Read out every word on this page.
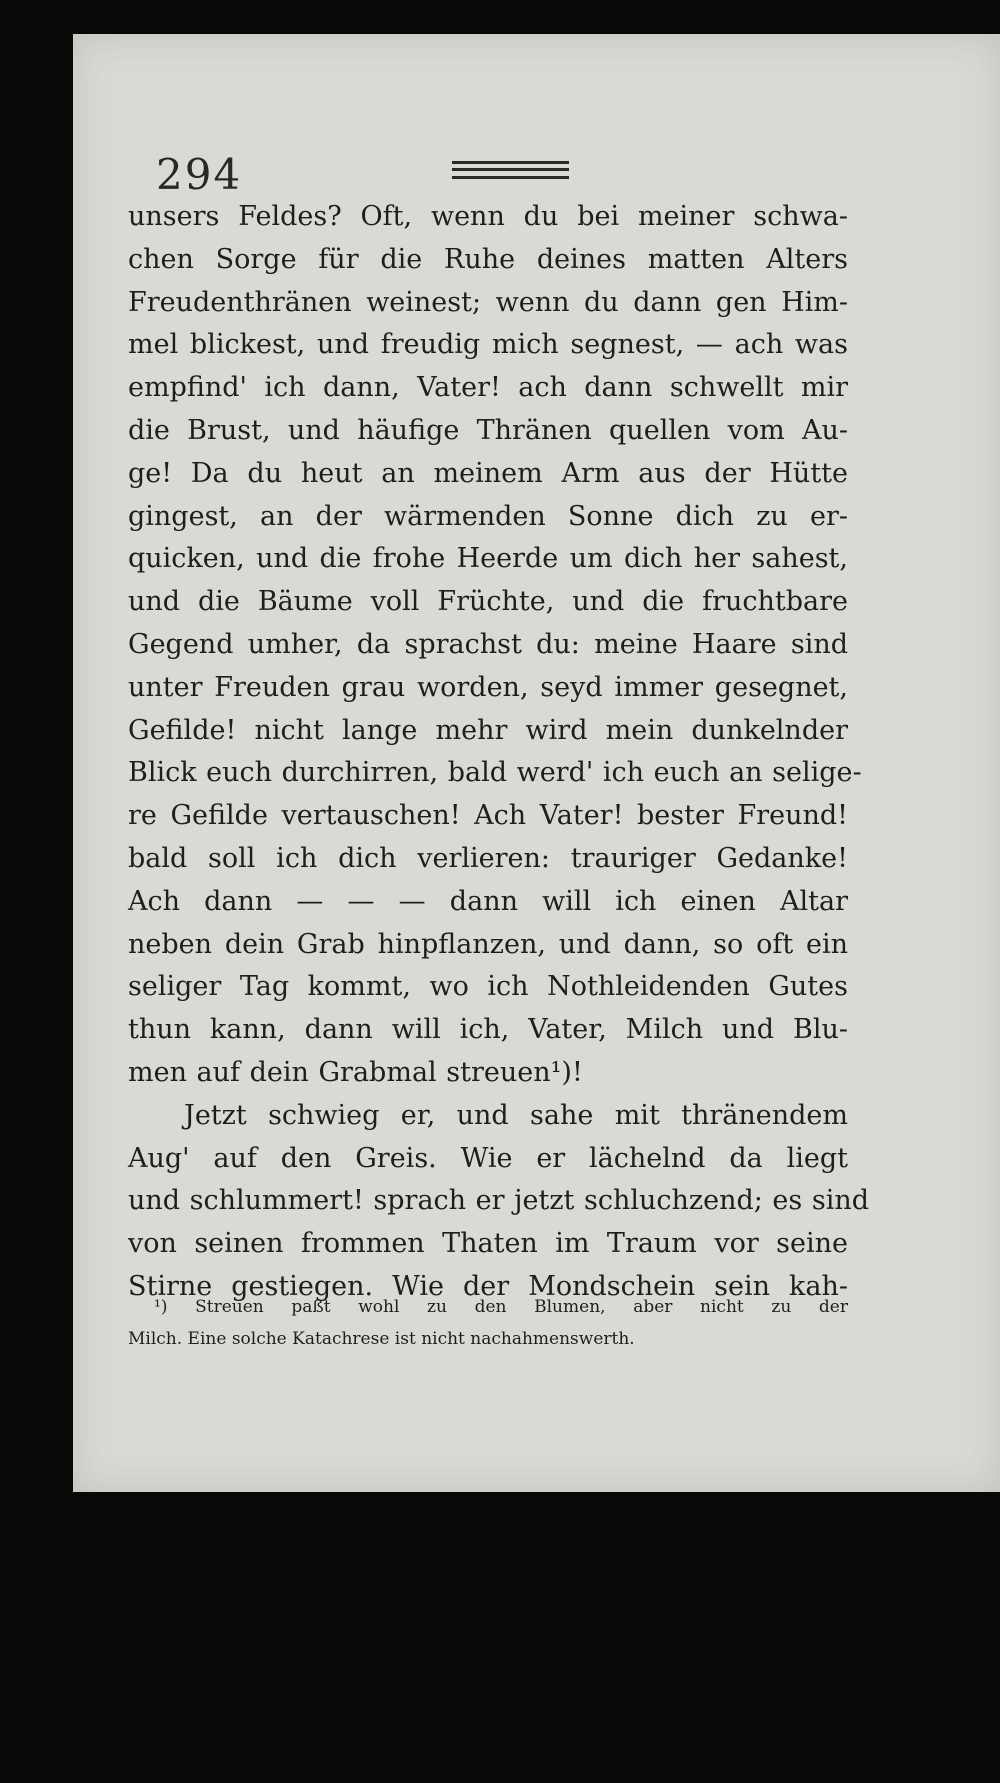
294
unsers Feldes? Oft, wenn du bei meiner schwa-
chen Sorge für die Ruhe deines matten Alters
Freudenthränen weinest; wenn du dann gen Him-
mel blickest, und freudig mich segnest, — ach was
empfind' ich dann, Vater! ach dann schwellt mir
die Brust, und häufige Thränen quellen vom Au-
ge! Da du heut an meinem Arm aus der Hütte
gingest, an der wärmenden Sonne dich zu er-
quicken, und die frohe Heerde um dich her sahest,
und die Bäume voll Früchte, und die fruchtbare
Gegend umher, da sprachst du: meine Haare sind
unter Freuden grau worden, seyd immer gesegnet,
Gefilde! nicht lange mehr wird mein dunkelnder
Blick euch durchirren, bald werd' ich euch an selige-
re Gefilde vertauschen! Ach Vater! bester Freund!
bald soll ich dich verlieren: trauriger Gedanke!
Ach dann — — — dann will ich einen Altar
neben dein Grab hinpflanzen, und dann, so oft ein
seliger Tag kommt, wo ich Nothleidenden Gutes
thun kann, dann will ich, Vater, Milch und Blu-
men auf dein Grabmal streuen¹)!
Jetzt schwieg er, und sahe mit thränendem
Aug' auf den Greis. Wie er lächelnd da liegt
und schlummert! sprach er jetzt schluchzend; es sind
von seinen frommen Thaten im Traum vor seine
Stirne gestiegen. Wie der Mondschein sein kah-
¹) Streuen paßt wohl zu den Blumen, aber nicht zu der
Milch. Eine solche Katachrese ist nicht nachahmenswerth.
